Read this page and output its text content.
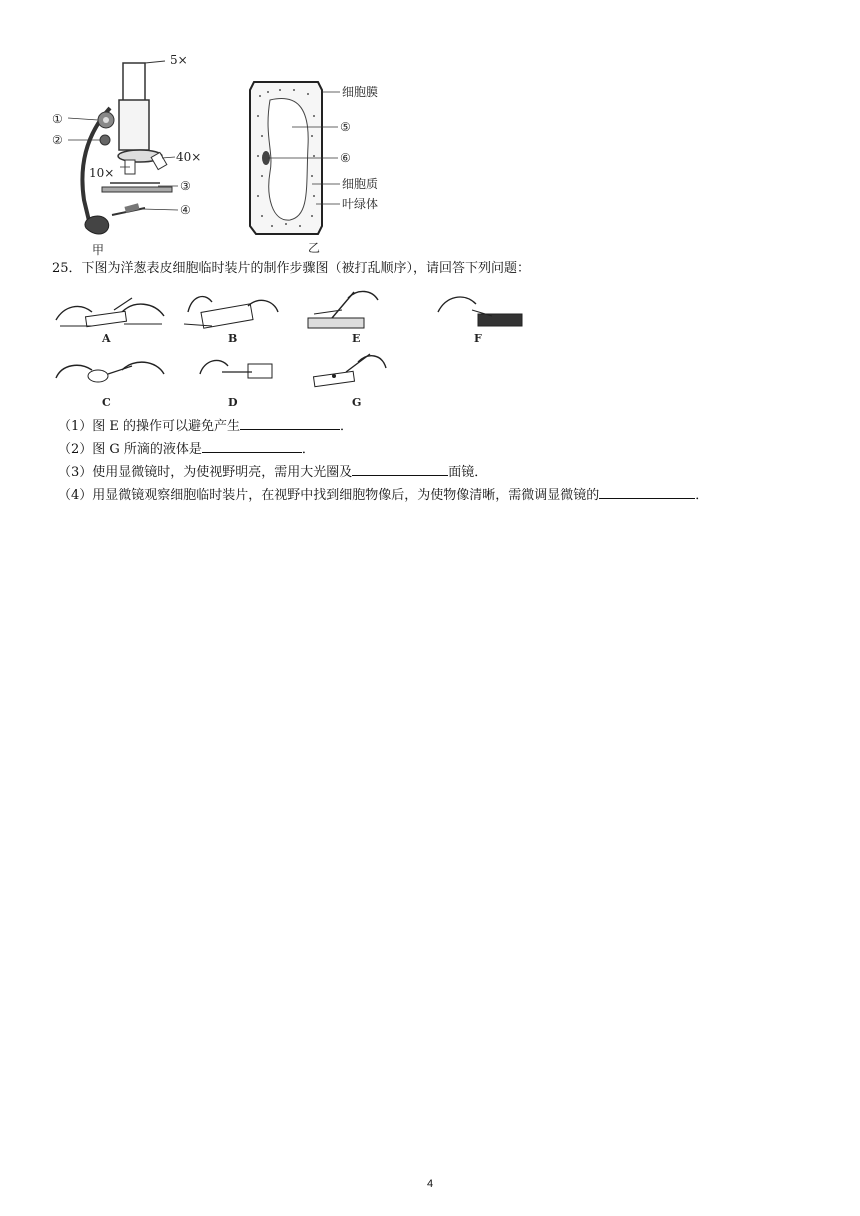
5×
40×
10×
①
②
③
④
甲
细胞膜
⑤
⑥
细胞质
叶绿体
乙
25．下图为洋葱表皮细胞临时装片的制作步骤图（被打乱顺序），请回答下列问题：
A	B	E	F
C	D	G
（1）图 E 的操作可以避免产生	．
（2）图 G 所滴的液体是	．
（3）使用显微镜时，为使视野明亮，需用大光圈及	面镜．
（4）用显微镜观察细胞临时装片，在视野中找到细胞物像后，为使物像清晰，需微调显微镜的	．
4
